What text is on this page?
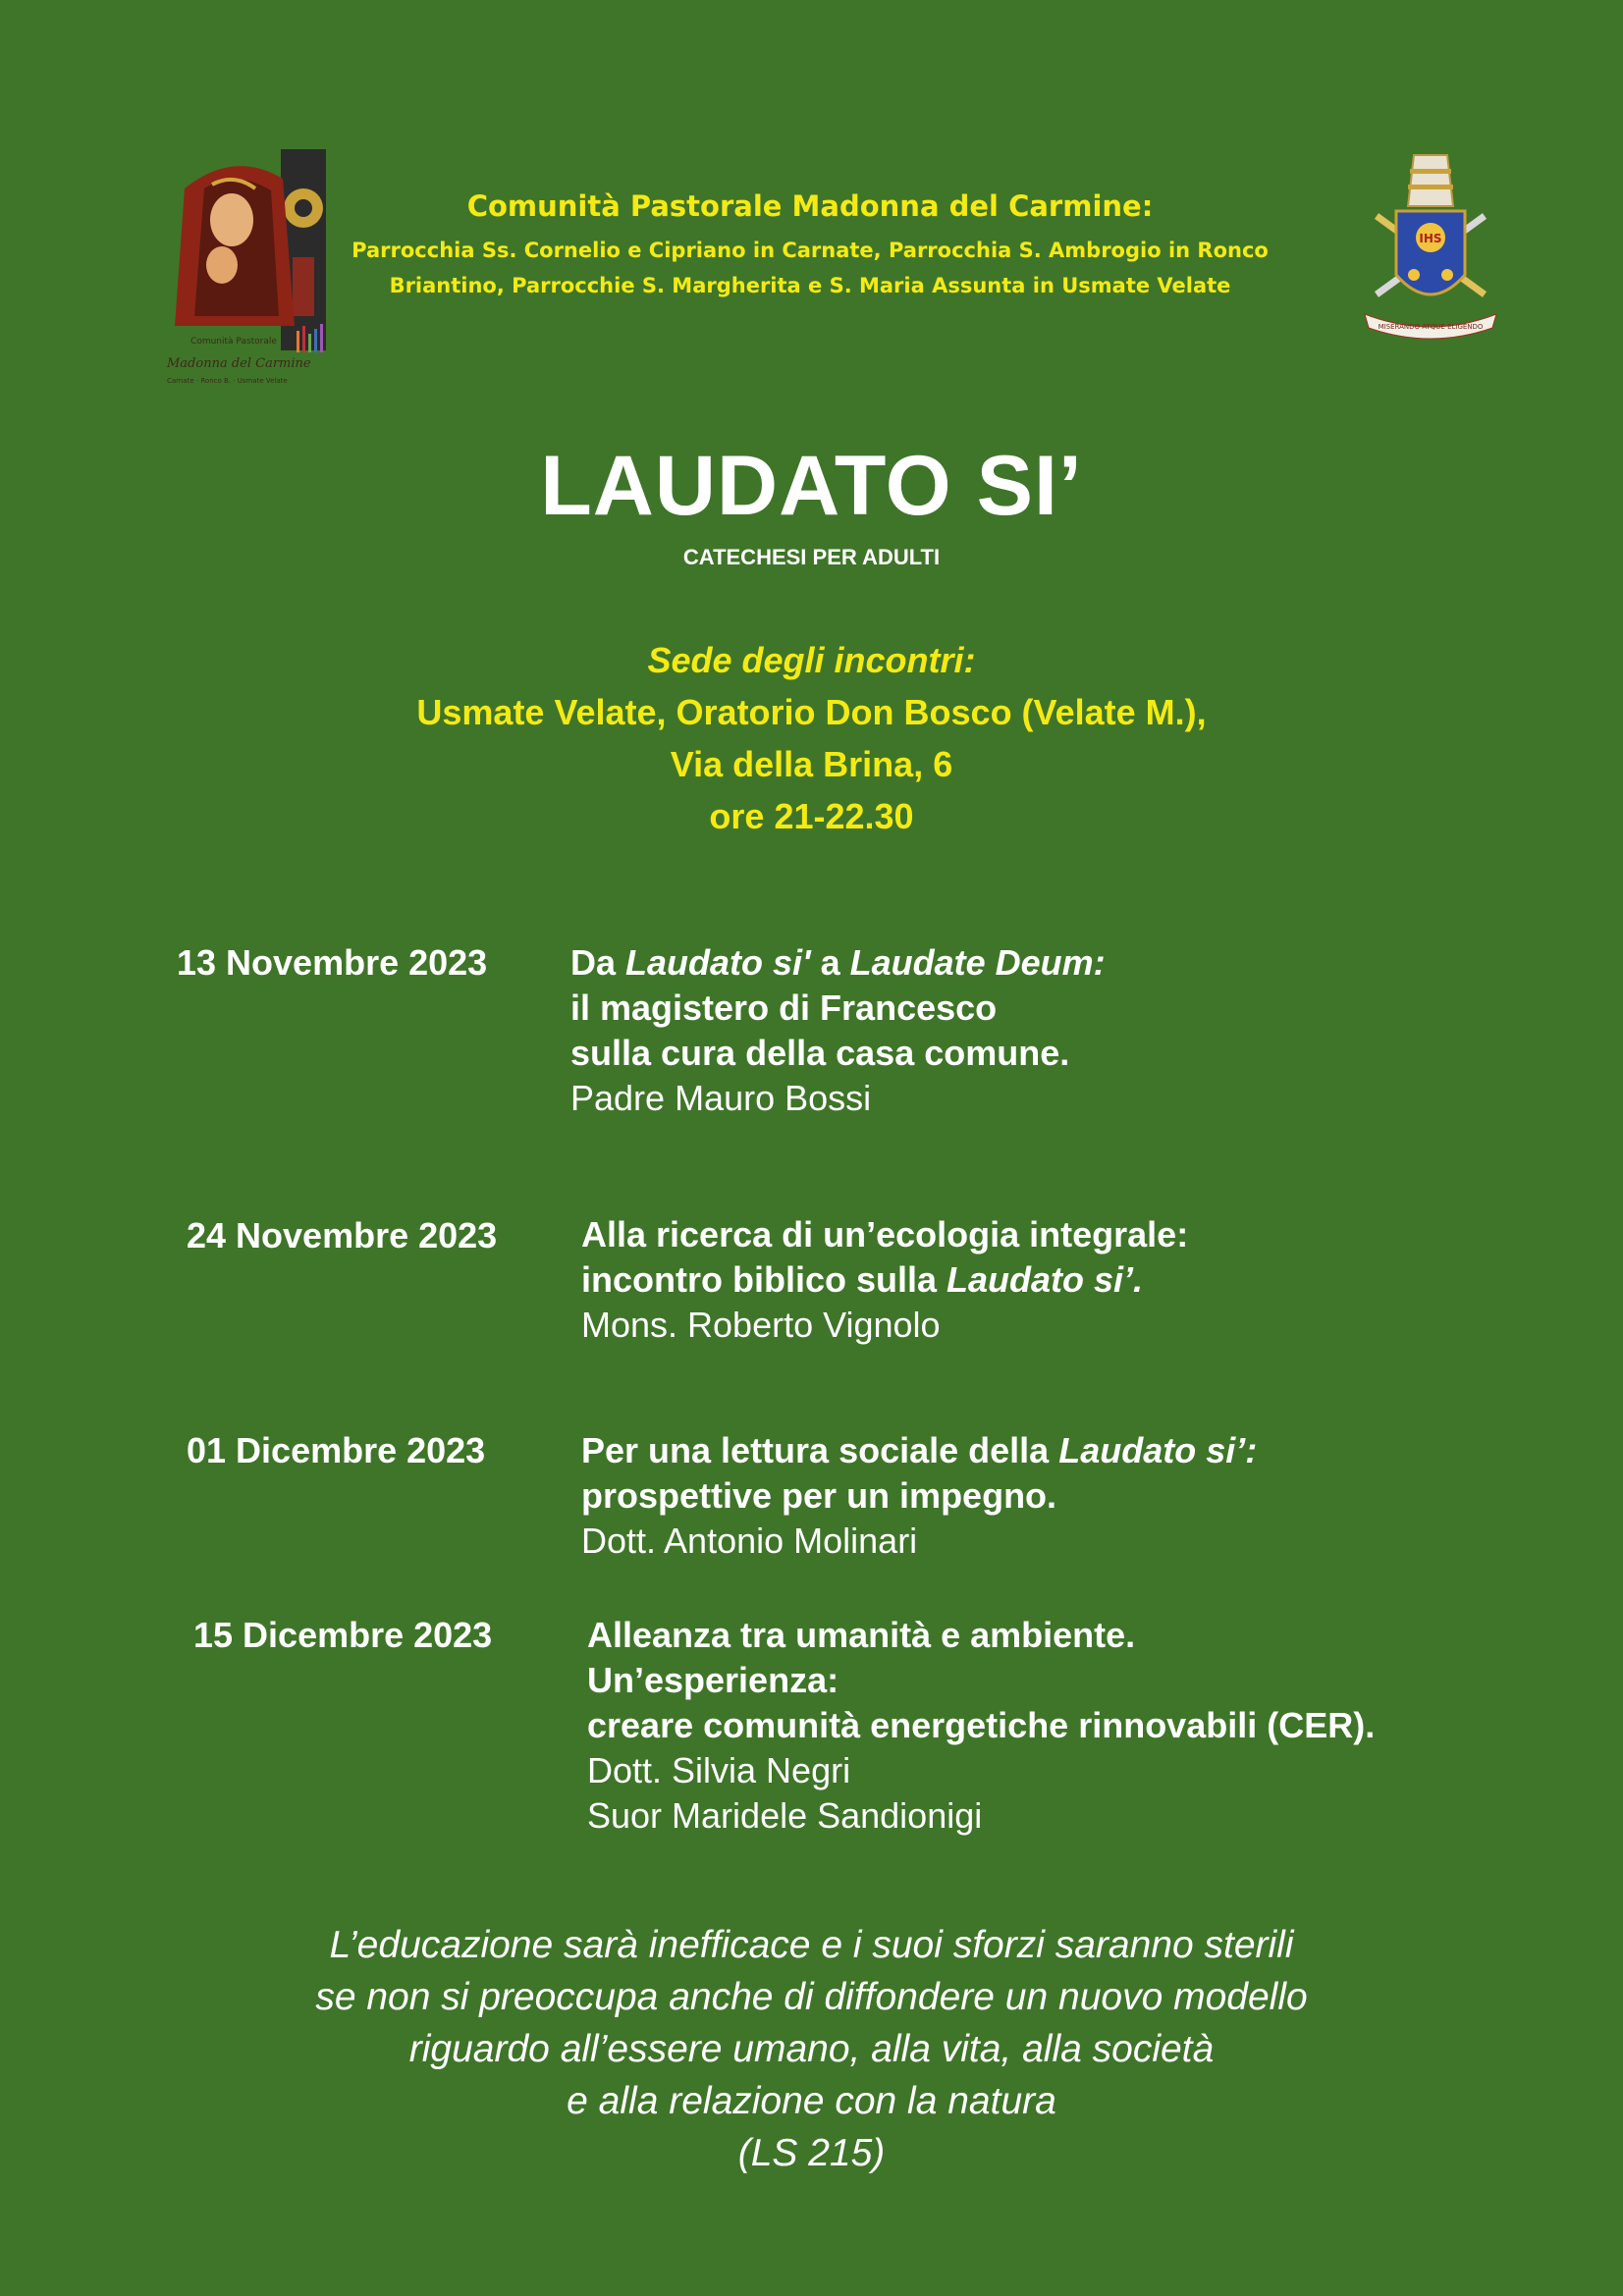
Comunità Pastorale
Madonna del Carmine
Carnate · Ronco B. · Usmate Velate
Comunità Pastorale Madonna del Carmine:
Parrocchia Ss. Cornelio e Cipriano in Carnate, Parrocchia S. Ambrogio in Ronco
Briantino, Parrocchie S. Margherita e S. Maria Assunta in Usmate Velate
IHS
MISERANDO ATQUE ELIGENDO
LAUDATO SI’
CATECHESI PER ADULTI
Sede degli incontri:
Usmate Velate, Oratorio Don Bosco (Velate M.),
Via della Brina, 6
ore 21-22.30
13 Novembre 2023 Da Laudato si' a Laudate Deum:
il magistero di Francesco
sulla cura della casa comune.
Padre Mauro Bossi
24 Novembre 2023 Alla ricerca di un’ecologia integrale:
incontro biblico sulla Laudato si’.
Mons. Roberto Vignolo
01 Dicembre 2023	Per una lettura sociale della Laudato si’:
prospettive per un impegno.
Dott. Antonio Molinari
15 Dicembre 2023	Alleanza tra umanità e ambiente.
Un’esperienza:
creare comunità energetiche rinnovabili (CER).
Dott. Silvia Negri
Suor Maridele Sandionigi
L’educazione sarà inefficace e i suoi sforzi saranno sterili
se non si preoccupa anche di diffondere un nuovo modello
riguardo all’essere umano, alla vita, alla società
e alla relazione con la natura
(LS 215)
